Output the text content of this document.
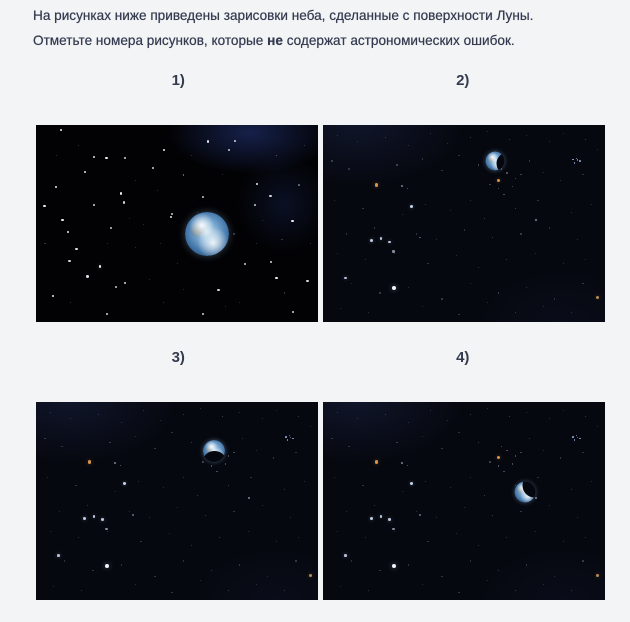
На рисунках ниже приведены зарисовки неба, сделанные с поверхности Луны.
Отметьте номера рисунков, которые не содержат астрономических ошибок.

1)	2)
3)	4)
